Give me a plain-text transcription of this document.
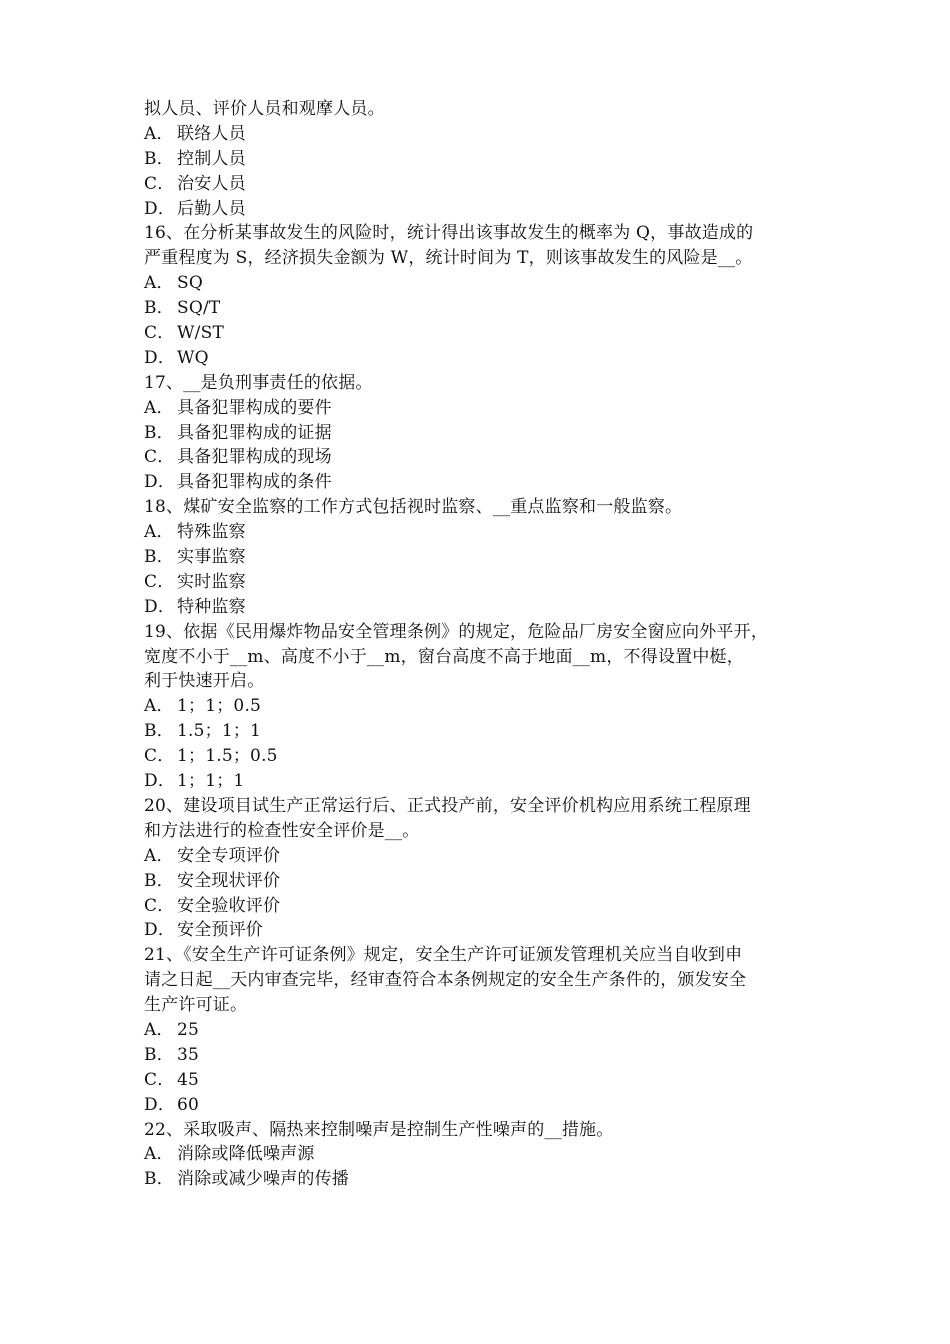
拟人员、评价人员和观摩人员。
A． 联络人员
B． 控制人员
C． 治安人员
D． 后勤人员
16、在分析某事故发生的风险时，统计得出该事故发生的概率为 Q，事故造成的
严重程度为 S，经济损失金额为 W，统计时间为 T，则该事故发生的风险是__。
A． SQ
B． SQ/T
C． W/ST
D． WQ
17、__是负刑事责任的依据。
A． 具备犯罪构成的要件
B． 具备犯罪构成的证据
C． 具备犯罪构成的现场
D． 具备犯罪构成的条件
18、煤矿安全监察的工作方式包括视时监察、__重点监察和一般监察。
A． 特殊监察
B． 实事监察
C． 实时监察
D． 特种监察
19、依据《民用爆炸物品安全管理条例》的规定，危险品厂房安全窗应向外平开，
宽度不小于__m、高度不小于__m，窗台高度不高于地面__m，不得设置中梃，
利于快速开启。
A． 1；1；0.5
B． 1.5；1；1
C． 1；1.5；0.5
D． 1；1；1
20、建设项目试生产正常运行后、正式投产前，安全评价机构应用系统工程原理
和方法进行的检查性安全评价是__。
A． 安全专项评价
B． 安全现状评价
C． 安全验收评价
D． 安全预评价
21、《安全生产许可证条例》规定，安全生产许可证颁发管理机关应当自收到申
请之日起__天内审查完毕，经审查符合本条例规定的安全生产条件的，颁发安全
生产许可证。
A． 25
B． 35
C． 45
D． 60
22、采取吸声、隔热来控制噪声是控制生产性噪声的__措施。
A． 消除或降低噪声源
B． 消除或减少噪声的传播
